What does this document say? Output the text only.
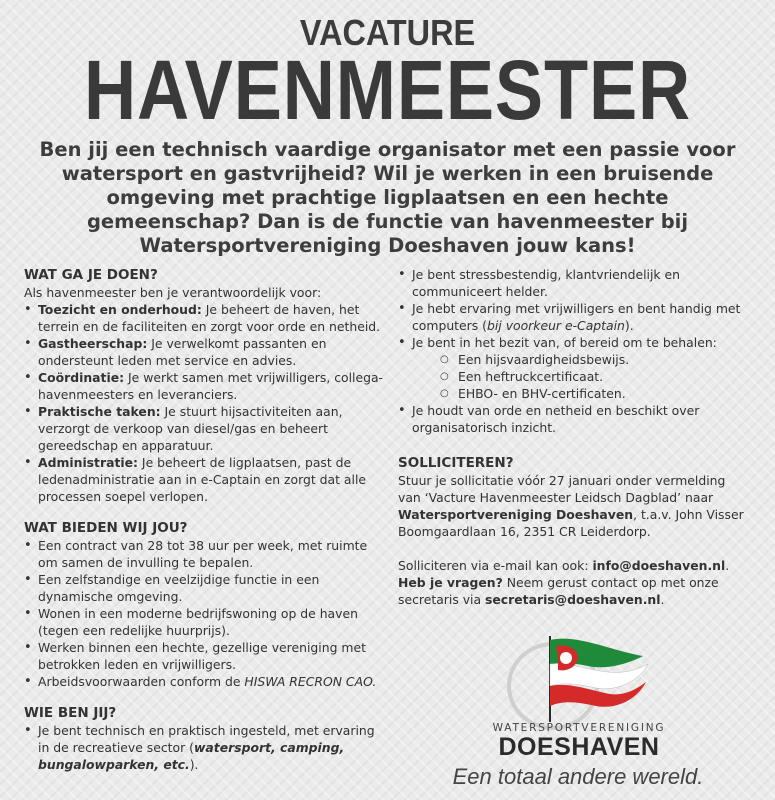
VACATURE
HAVENMEESTER
Ben jij een technisch vaardige organisator met een passie voor watersport en gastvrijheid? Wil je werken in een bruisende omgeving met prachtige ligplaatsen en een hechte gemeenschap? Dan is de functie van havenmeester bij Watersportvereniging Doeshaven jouw kans!
WAT GA JE DOEN?

Als havenmeester ben je verantwoordelijk voor:

• Toezicht en onderhoud: Je beheert de haven, het terrein en de faciliteiten en zorgt voor orde en netheid.
• Gastheerschap: Je verwelkomt passanten en ondersteunt leden met service en advies.
• Coördinatie: Je werkt samen met vrijwilligers, collega-havenmeesters en leveranciers.
• Praktische taken: Je stuurt hijsactiviteiten aan, verzorgt de verkoop van diesel/gas en beheert gereedschap en apparatuur.
• Administratie: Je beheert de ligplaatsen, past de ledenadministratie aan in e-Captain en zorgt dat alle processen soepel verlopen.
WAT BIEDEN WIJ JOU?
• Een contract van 28 tot 38 uur per week, met ruimte om samen de invulling te bepalen.
• Een zelfstandige en veelzijdige functie in een dynamische omgeving.
• Wonen in een moderne bedrijfswoning op de haven (tegen een redelijke huurprijs).
• Werken binnen een hechte, gezellige vereniging met betrokken leden en vrijwilligers.
• Arbeidsvoorwaarden conform de HISWA RECRON CAO.
WIE BEN JIJ?
• Je bent technisch en praktisch ingesteld, met ervaring in de recreatieve sector (watersport, camping, bungalowparken, etc.).
• Je bent stressbestendig, klantvriendelijk en communiceert helder.
• Je hebt ervaring met vrijwilligers en bent handig met computers (bij voorkeur e-Captain).
• Je bent in het bezit van, of bereid om te behalen:
○ Een hijsvaardigheidsbewijs.
○ Een heftruckcertificaat.
○ EHBO- en BHV-certificaten.
• Je houdt van orde en netheid en beschikt over organisatorisch inzicht.
SOLLICITEREN?

Stuur je sollicitatie vóór 27 januari onder vermelding van ‘Vacture Havenmeester Leidsch Dagblad’ naar Watersportvereniging Doeshaven, t.a.v. John Visser Boomgaardlaan 16, 2351 CR Leiderdorp.

Solliciteren via e-mail kan ook: info@doeshaven.nl.

Heb je vragen? Neem gerust contact op met onze secretaris via secretaris@doeshaven.nl.

WATERSPORTVERENIGING
DOESHAVEN
Een totaal andere wereld.
